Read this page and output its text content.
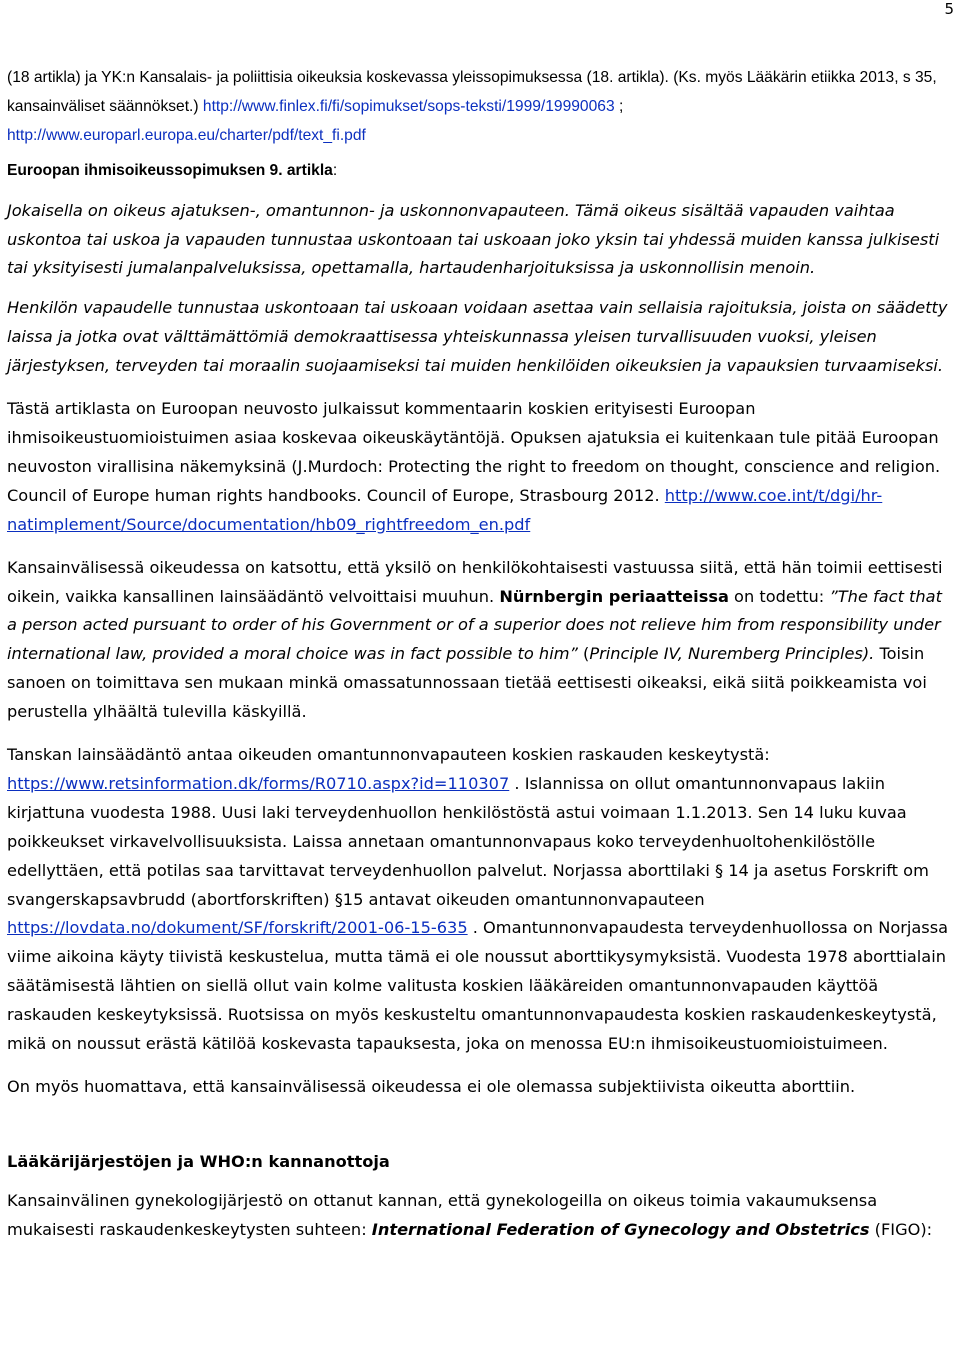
5

(18 artikla) ja YK:n Kansalais- ja poliittisia oikeuksia koskevassa yleissopimuksessa (18. artikla). (Ks. myös Lääkärin etiikka 2013, s 35, kansainväliset säännökset.) http://www.finlex.fi/fi/sopimukset/sops-teksti/1999/19990063 ; http://www.europarl.europa.eu/charter/pdf/text_fi.pdf

Euroopan ihmisoikeussopimuksen 9. artikla:

Jokaisella on oikeus ajatuksen-, omantunnon- ja uskonnonvapauteen. Tämä oikeus sisältää vapauden vaihtaa uskontoa tai uskoa ja vapauden tunnustaa uskontoaan tai uskoaan joko yksin tai yhdessä muiden kanssa julkisesti tai yksityisesti jumalanpalveluksissa, opettamalla, hartaudenharjoituksissa ja uskonnollisin menoin.

Henkilön vapaudelle tunnustaa uskontoaan tai uskoaan voidaan asettaa vain sellaisia rajoituksia, joista on säädetty laissa ja jotka ovat välttämättömiä demokraattisessa yhteiskunnassa yleisen turvallisuuden vuoksi, yleisen järjestyksen, terveyden tai moraalin suojaamiseksi tai muiden henkilöiden oikeuksien ja vapauksien turvaamiseksi.

Tästä artiklasta on Euroopan neuvosto julkaissut kommentaarin koskien erityisesti Euroopan ihmisoikeustuomioistuimen asiaa koskevaa oikeuskäytäntöjä. Opuksen ajatuksia ei kuitenkaan tule pitää Euroopan neuvoston virallisina näkemyksinä (J.Murdoch: Protecting the right to freedom on thought, conscience and religion. Council of Europe human rights handbooks. Council of Europe, Strasbourg 2012. http://www.coe.int/t/dgi/hr-natimplement/Source/documentation/hb09_rightfreedom_en.pdf

Kansainvälisessä oikeudessa on katsottu, että yksilö on henkilökohtaisesti vastuussa siitä, että hän toimii eettisesti oikein, vaikka kansallinen lainsäädäntö velvoittaisi muuhun. Nürnbergin periaatteissa on todettu: ”The fact that a person acted pursuant to order of his Government or of a superior does not relieve him from responsibility under international law, provided a moral choice was in fact possible to him” (Principle IV, Nuremberg Principles). Toisin sanoen on toimittava sen mukaan minkä omassatunnossaan tietää eettisesti oikeaksi, eikä siitä poikkeamista voi perustella ylhäältä tulevilla käskyillä.

Tanskan lainsäädäntö antaa oikeuden omantunnonvapauteen koskien raskauden keskeytystä: https://www.retsinformation.dk/forms/R0710.aspx?id=110307 . Islannissa on ollut omantunnonvapaus lakiin kirjattuna vuodesta 1988. Uusi laki terveydenhuollon henkilöstöstä astui voimaan 1.1.2013. Sen 14 luku kuvaa poikkeukset virkavelvollisuuksista. Laissa annetaan omantunnonvapaus koko terveydenhuoltohenkilöstölle edellyttäen, että potilas saa tarvittavat terveydenhuollon palvelut. Norjassa aborttilaki § 14 ja asetus Forskrift om svangerskapsavbrudd (abortforskriften) §15 antavat oikeuden omantunnonvapauteen https://lovdata.no/dokument/SF/forskrift/2001-06-15-635 . Omantunnonvapaudesta terveydenhuollossa on Norjassa viime aikoina käyty tiivistä keskustelua, mutta tämä ei ole noussut aborttikysymyksistä. Vuodesta 1978 aborttialain säätämisestä lähtien on siellä ollut vain kolme valitusta koskien lääkäreiden omantunnonvapauden käyttöä raskauden keskeytyksissä. Ruotsissa on myös keskusteltu omantunnonvapaudesta koskien raskaudenkeskeytystä, mikä on noussut erästä kätilöä koskevasta tapauksesta, joka on menossa EU:n ihmisoikeustuomioistuimeen.

On myös huomattava, että kansainvälisessä oikeudessa ei ole olemassa subjektiivista oikeutta aborttiin.

Lääkärijärjestöjen ja WHO:n kannanottoja

Kansainvälinen gynekologijärjestö on ottanut kannan, että gynekologeilla on oikeus toimia vakaumuksensa mukaisesti raskaudenkeskeytysten suhteen: International Federation of Gynecology and Obstetrics (FIGO):
